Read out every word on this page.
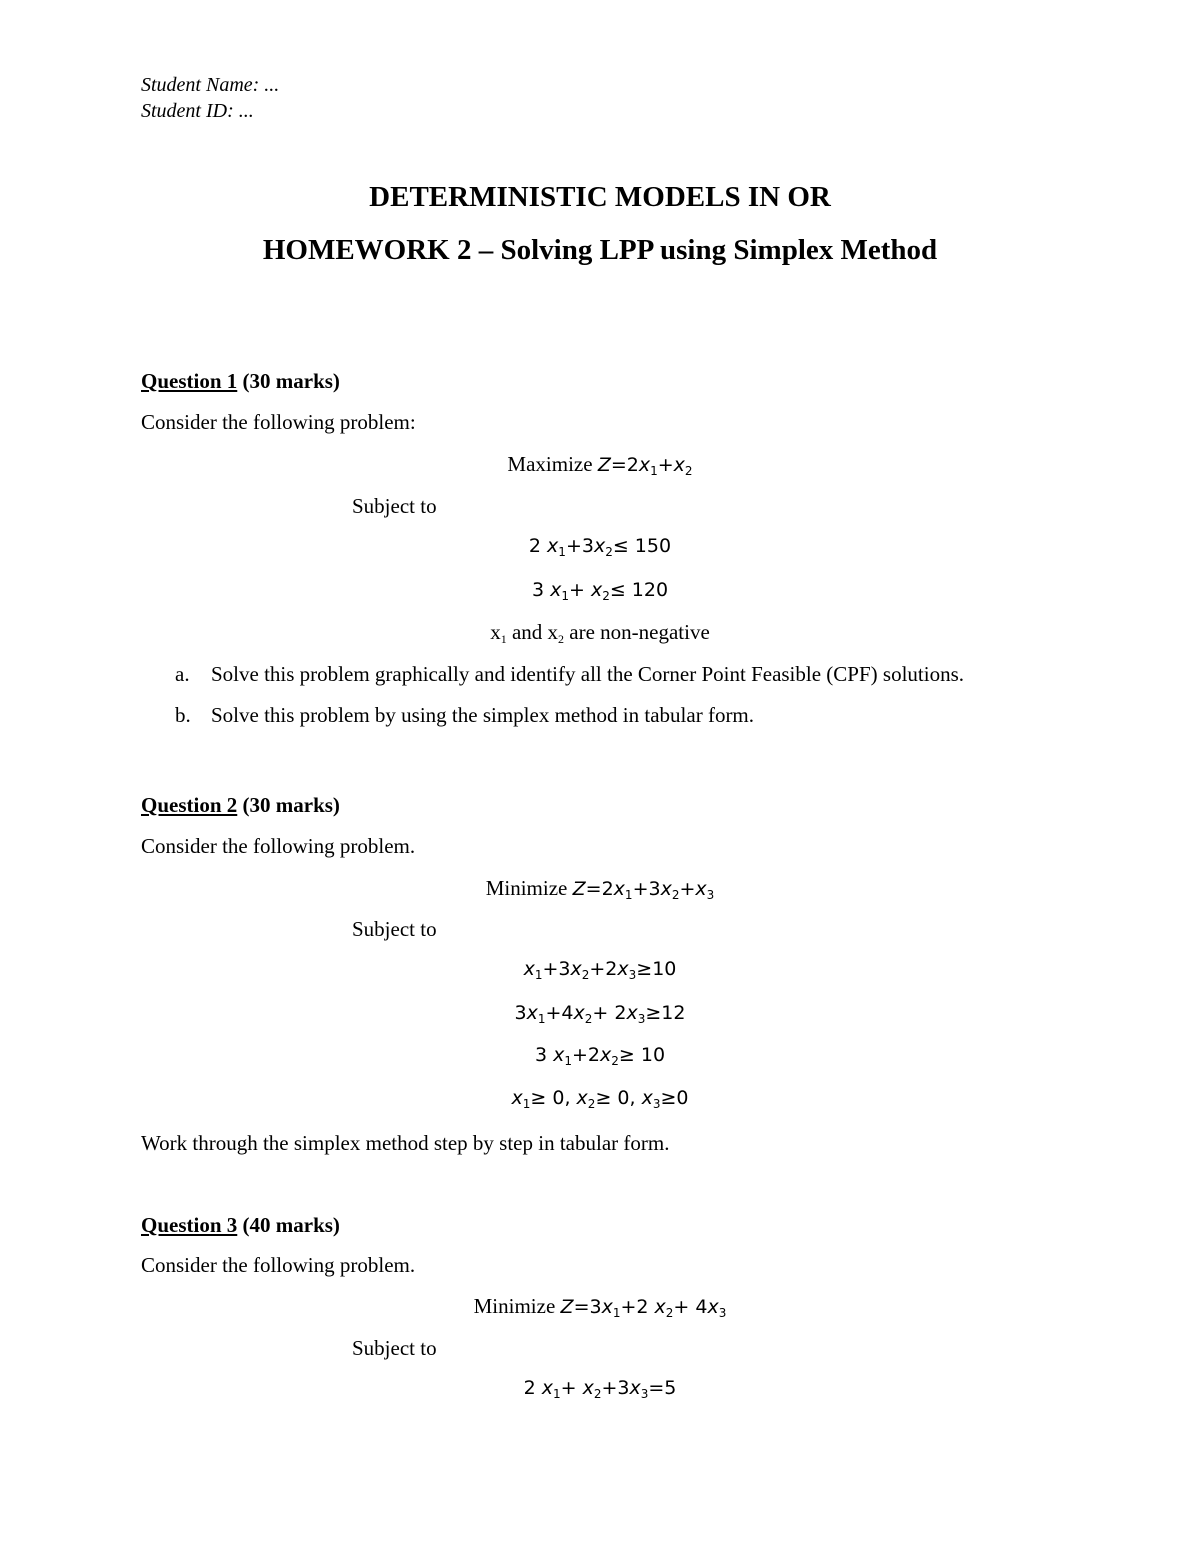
Student Name: ...
Student ID: ...
DETERMINISTIC MODELS IN OR
HOMEWORK 2 – Solving LPP using Simplex Method
Question 1 (30 marks)
Consider the following problem:
Maximize $Z=2x_1+x_2$
Subject to
2 $x_1+3x_2\le 150$
3 $x_1+ x_2\le 120$
$x_1$ and $x_2$ are non-negative
a. Solve this problem graphically and identify all the Corner Point Feasible (CPF) solutions.
b. Solve this problem by using the simplex method in tabular form.
Question 2 (30 marks)
Consider the following problem.
Minimize $Z=2x_1+3x_2+x_3$
Subject to
$x_1+3x_2+2x_3\ge 10$
$3x_1+4x_2+ 2x_3\ge 12$
3 $x_1+2x_2\ge 10$
$x_1\ge 0$, $x_2\ge 0$, $x_3\ge 0$
Work through the simplex method step by step in tabular form.
Question 3 (40 marks)
Consider the following problem.
Minimize $Z=3x_1+2$ $x_2+ 4x_3$
Subject to
2 $x_1+ x_2+3x_3=5$
